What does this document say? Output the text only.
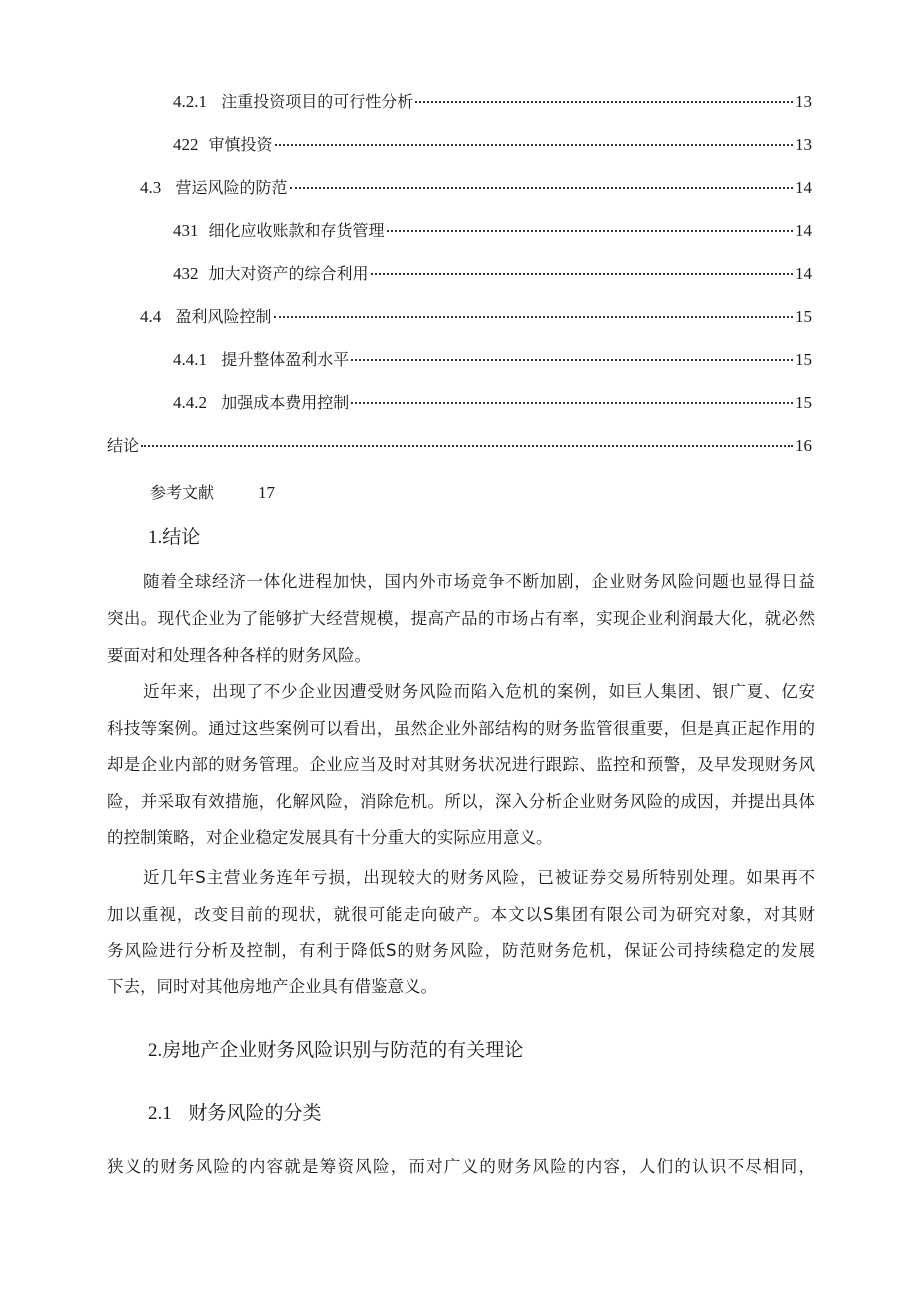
4.2.1 注重投资项目的可行性分析	13
422 审慎投资	13
4.3 营运风险的防范	14
431 细化应收账款和存货管理	14
432 加大对资产的综合利用	14
4.4 盈利风险控制	15
4.4.1 提升整体盈利水平	15
4.4.2 加强成本费用控制	15
结论	16
参考文献	17
1.结论
随着全球经济一体化进程加快，国内外市场竞争不断加剧，企业财务风险问题也显得日益
突出。现代企业为了能够扩大经营规模，提高产品的市场占有率，实现企业利润最大化，就必然
要面对和处理各种各样的财务风险。
近年来，出现了不少企业因遭受财务风险而陷入危机的案例，如巨人集团、银广夏、亿安
科技等案例。通过这些案例可以看出，虽然企业外部结构的财务监管很重要，但是真正起作用的
却是企业内部的财务管理。企业应当及时对其财务状况进行跟踪、监控和预警，及早发现财务风
险，并采取有效措施，化解风险，消除危机。所以，深入分析企业财务风险的成因，并提出具体
的控制策略，对企业稳定发展具有十分重大的实际应用意义。
近几年S主营业务连年亏损，出现较大的财务风险，已被证券交易所特别处理。如果再不
加以重视，改变目前的现状，就很可能走向破产。本文以S集团有限公司为研究对象，对其财
务风险进行分析及控制，有利于降低S的财务风险，防范财务危机，保证公司持续稳定的发展
下去，同时对其他房地产企业具有借鉴意义。
2.房地产企业财务风险识别与防范的有关理论
2.1 财务风险的分类
狭义的财务风险的内容就是筹资风险，而对广义的财务风险的内容，人们的认识不尽相同，
